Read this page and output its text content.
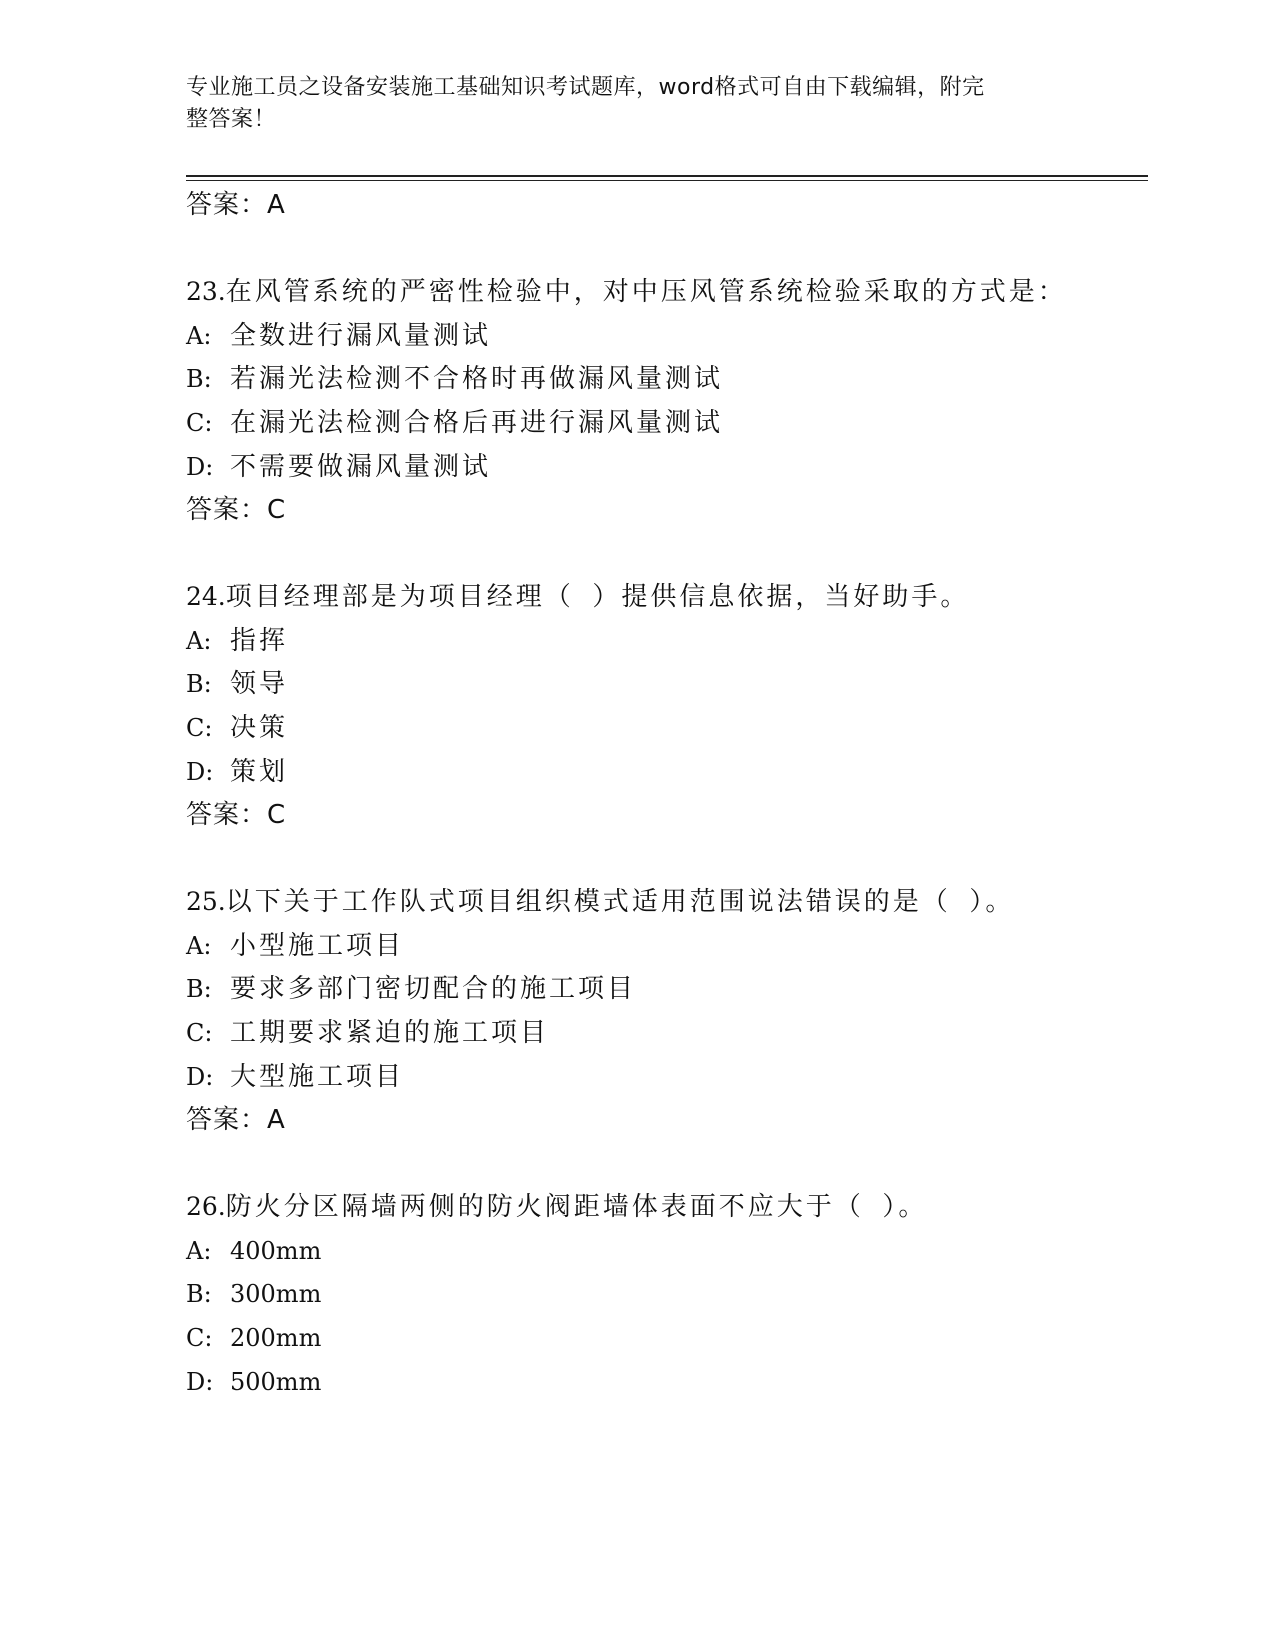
专业施工员之设备安装施工基础知识考试题库，word格式可自由下载编辑，附完
整答案！
答案：A
23.在风管系统的严密性检验中，对中压风管系统检验采取的方式是：
A: 全数进行漏风量测试
B: 若漏光法检测不合格时再做漏风量测试
C: 在漏光法检测合格后再进行漏风量测试
D: 不需要做漏风量测试
答案：C
24.项目经理部是为项目经理（ ）提供信息依据，当好助手。
A: 指挥
B: 领导
C: 决策
D: 策划
答案：C
25.以下关于工作队式项目组织模式适用范围说法错误的是（ ）。
A: 小型施工项目
B: 要求多部门密切配合的施工项目
C: 工期要求紧迫的施工项目
D: 大型施工项目
答案：A
26.防火分区隔墙两侧的防火阀距墙体表面不应大于（ ）。
A: 400mm
B: 300mm
C: 200mm
D: 500mm
